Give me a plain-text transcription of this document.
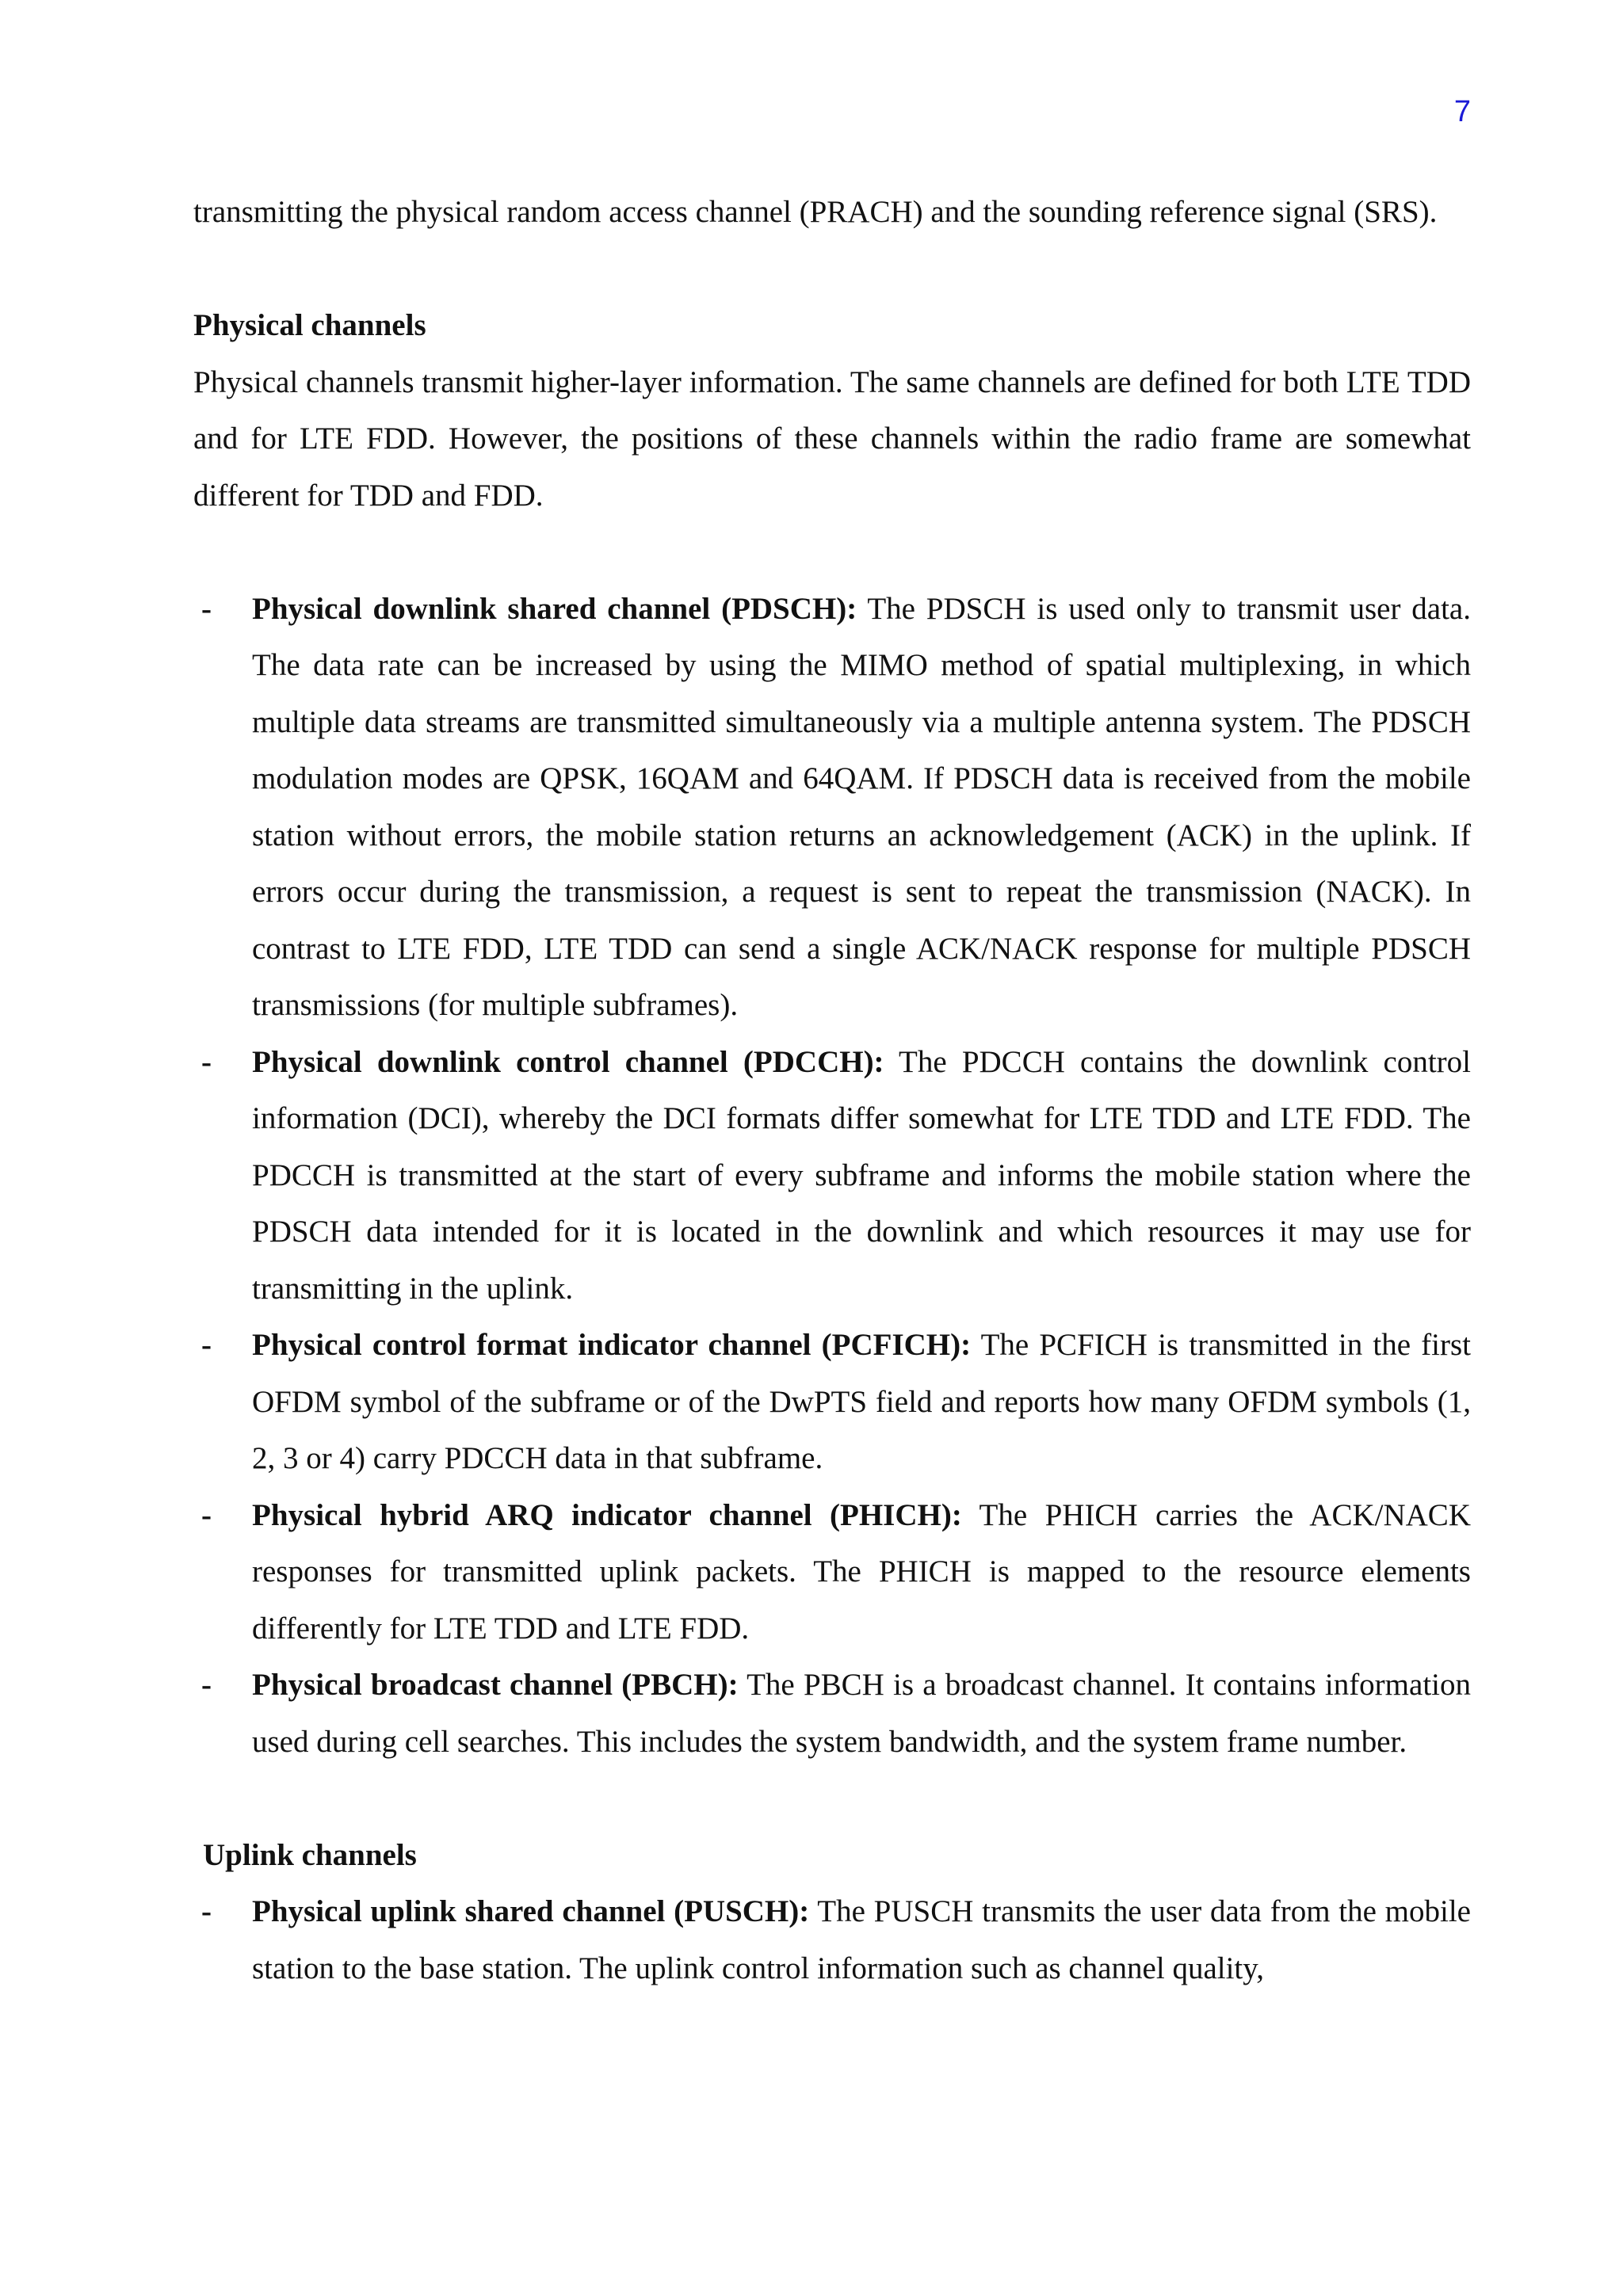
7

transmitting the physical random access channel (PRACH) and the sounding reference signal (SRS).

Physical channels

Physical channels transmit higher-layer information. The same channels are defined for both LTE TDD and for LTE FDD. However, the positions of these channels within the radio frame are somewhat different for TDD and FDD.

- Physical downlink shared channel (PDSCH): The PDSCH is used only to transmit user data. The data rate can be increased by using the MIMO method of spatial multiplexing, in which multiple data streams are transmitted simultaneously via a multiple antenna system. The PDSCH modulation modes are QPSK, 16QAM and 64QAM. If PDSCH data is received from the mobile station without errors, the mobile station returns an acknowledgement (ACK) in the uplink. If errors occur during the transmission, a request is sent to repeat the transmission (NACK). In contrast to LTE FDD, LTE TDD can send a single ACK/NACK response for multiple PDSCH transmissions (for multiple subframes).
- Physical downlink control channel (PDCCH): The PDCCH contains the downlink control information (DCI), whereby the DCI formats differ somewhat for LTE TDD and LTE FDD. The PDCCH is transmitted at the start of every subframe and informs the mobile station where the PDSCH data intended for it is located in the downlink and which resources it may use for transmitting in the uplink.
- Physical control format indicator channel (PCFICH): The PCFICH is transmitted in the first OFDM symbol of the subframe or of the DwPTS field and reports how many OFDM symbols (1, 2, 3 or 4) carry PDCCH data in that subframe.
- Physical hybrid ARQ indicator channel (PHICH): The PHICH carries the ACK/NACK responses for transmitted uplink packets. The PHICH is mapped to the resource elements differently for LTE TDD and LTE FDD.
- Physical broadcast channel (PBCH): The PBCH is a broadcast channel. It contains information used during cell searches. This includes the system bandwidth, and the system frame number.
Uplink channels
- Physical uplink shared channel (PUSCH): The PUSCH transmits the user data from the mobile station to the base station. The uplink control information such as channel quality,
